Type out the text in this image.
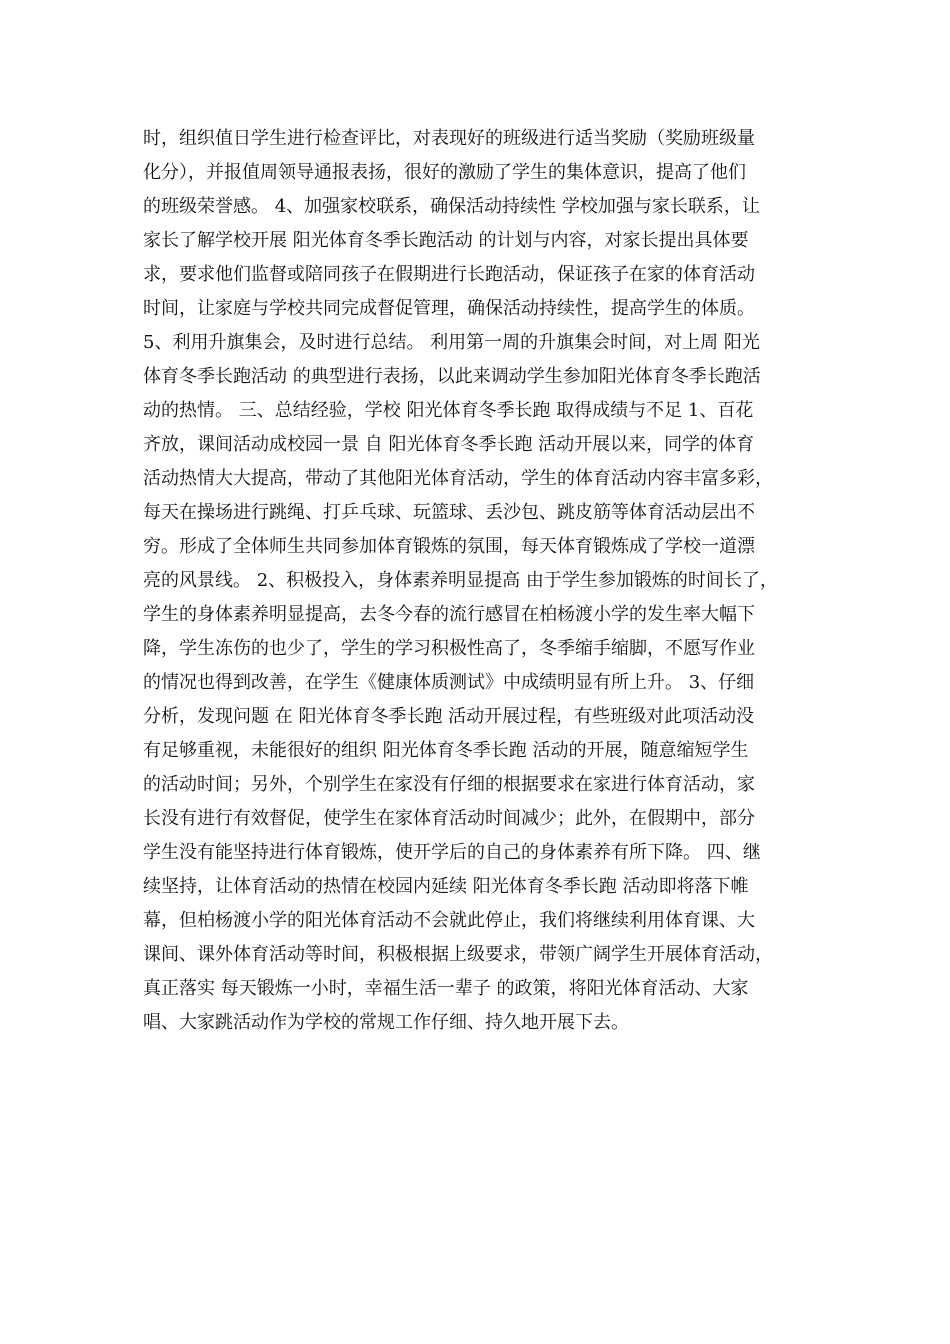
时，组织值日学生进行检查评比，对表现好的班级进行适当奖励（奖励班级量
化分），并报值周领导通报表扬，很好的激励了学生的集体意识，提高了他们
的班级荣誉感。 4、加强家校联系，确保活动持续性 学校加强与家长联系，让
家长了解学校开展 阳光体育冬季长跑活动 的计划与内容，对家长提出具体要
求，要求他们监督或陪同孩子在假期进行长跑活动，保证孩子在家的体育活动
时间，让家庭与学校共同完成督促管理，确保活动持续性，提高学生的体质。
5、利用升旗集会，及时进行总结。 利用第一周的升旗集会时间，对上周 阳光
体育冬季长跑活动 的典型进行表扬，以此来调动学生参加阳光体育冬季长跑活
动的热情。 三、总结经验，学校 阳光体育冬季长跑 取得成绩与不足 1、百花
齐放，课间活动成校园一景 自 阳光体育冬季长跑 活动开展以来，同学的体育
活动热情大大提高，带动了其他阳光体育活动，学生的体育活动内容丰富多彩，
每天在操场进行跳绳、打乒乓球、玩篮球、丢沙包、跳皮筋等体育活动层出不
穷。形成了全体师生共同参加体育锻炼的氛围，每天体育锻炼成了学校一道漂
亮的风景线。 2、积极投入，身体素养明显提高 由于学生参加锻炼的时间长了，
学生的身体素养明显提高，去冬今春的流行感冒在柏杨渡小学的发生率大幅下
降，学生冻伤的也少了，学生的学习积极性高了，冬季缩手缩脚，不愿写作业
的情况也得到改善，在学生《健康体质测试》中成绩明显有所上升。 3、仔细
分析，发现问题 在 阳光体育冬季长跑 活动开展过程，有些班级对此项活动没
有足够重视，未能很好的组织 阳光体育冬季长跑 活动的开展，随意缩短学生
的活动时间；另外，个别学生在家没有仔细的根据要求在家进行体育活动，家
长没有进行有效督促，使学生在家体育活动时间减少；此外，在假期中，部分
学生没有能坚持进行体育锻炼，使开学后的自己的身体素养有所下降。 四、继
续坚持，让体育活动的热情在校园内延续 阳光体育冬季长跑 活动即将落下帷
幕，但柏杨渡小学的阳光体育活动不会就此停止，我们将继续利用体育课、大
课间、课外体育活动等时间，积极根据上级要求，带领广阔学生开展体育活动，
真正落实 每天锻炼一小时，幸福生活一辈子 的政策，将阳光体育活动、大家
唱、大家跳活动作为学校的常规工作仔细、持久地开展下去。
